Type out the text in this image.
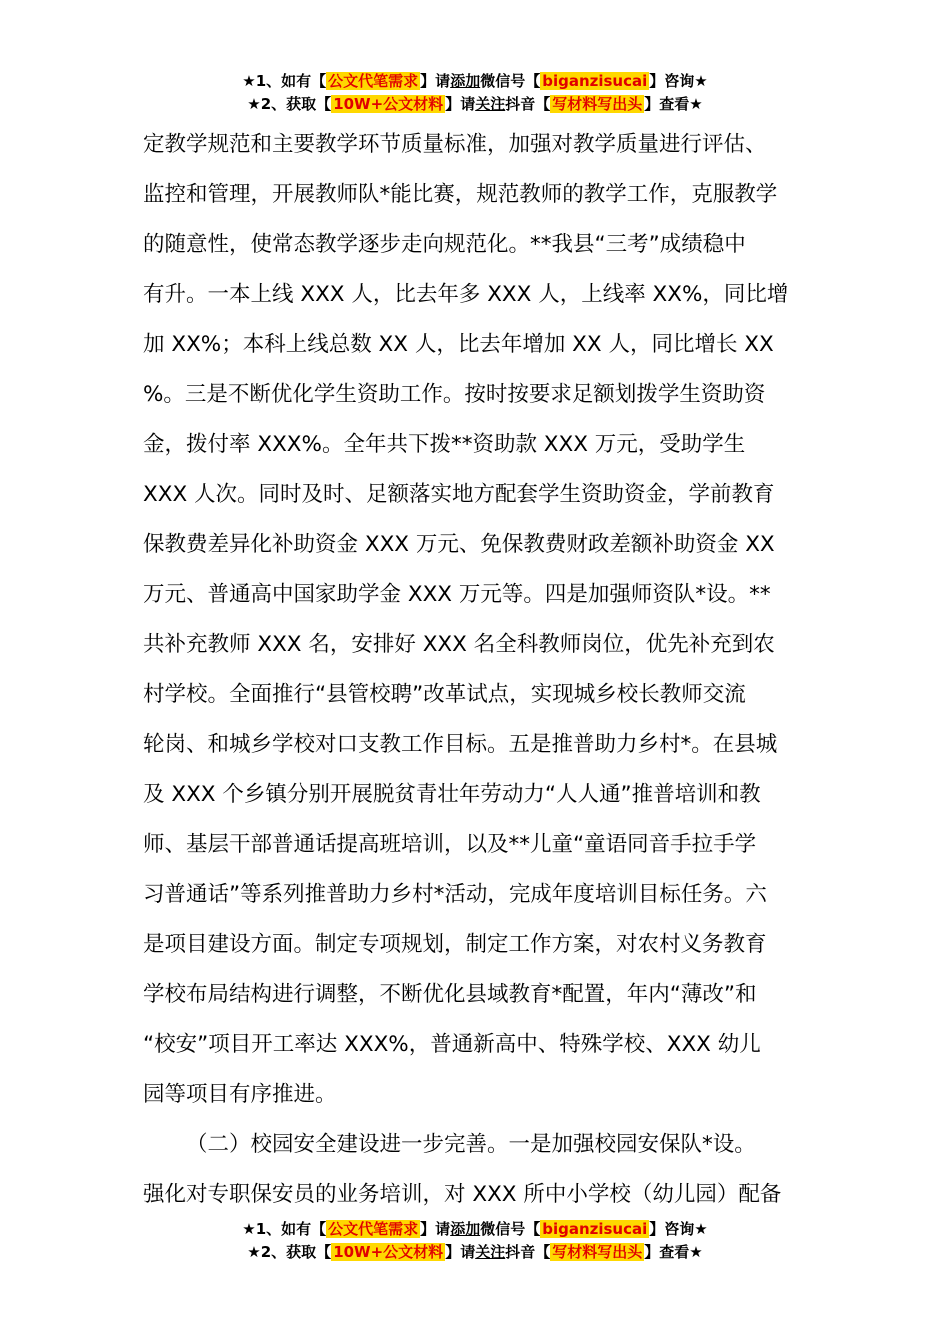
★1、如有【 公文代笔需求 】请添加微信号【 biganzisucai 】咨询★
★2、获取【 10W+公文材料 】请关注抖音【 写材料写出头 】查看★

定教学规范和主要教学环节质量标准，加强对教学质量进行评估、
监控和管理，开展教师队*能比赛，规范教师的教学工作，克服教学
的随意性，使常态教学逐步走向规范化。**我县“三考”成绩稳中
有升。一本上线 XXX 人，比去年多 XXX 人，上线率 XX%，同比增
加 XX%；本科上线总数 XX 人，比去年增加 XX 人，同比增长 XX
%。三是不断优化学生资助工作。按时按要求足额划拨学生资助资
金，拨付率 XXX%。全年共下拨**资助款 XXX 万元，受助学生
XXX 人次。同时及时、足额落实地方配套学生资助资金，学前教育
保教费差异化补助资金 XXX 万元、免保教费财政差额补助资金 XX
万元、普通高中国家助学金 XXX 万元等。四是加强师资队*设。**
共补充教师 XXX 名，安排好 XXX 名全科教师岗位，优先补充到农
村学校。全面推行“县管校聘”改革试点，实现城乡校长教师交流
轮岗、和城乡学校对口支教工作目标。五是推普助力乡村*。在县城
及 XXX 个乡镇分别开展脱贫青壮年劳动力“人人通”推普培训和教
师、基层干部普通话提高班培训，以及**儿童“童语同音手拉手学
习普通话”等系列推普助力乡村*活动，完成年度培训目标任务。六
是项目建设方面。制定专项规划，制定工作方案，对农村义务教育
学校布局结构进行调整，不断优化县域教育*配置，年内“薄改”和
“校安”项目开工率达 XXX%，普通新高中、特殊学校、XXX 幼儿
园等项目有序推进。

（二）校园安全建设进一步完善。一是加强校园安保队*设。
强化对专职保安员的业务培训，对 XXX 所中小学校（幼儿园）配备

★1、如有【 公文代笔需求 】请添加微信号【 biganzisucai 】咨询★
★2、获取【 10W+公文材料 】请关注抖音【 写材料写出头 】查看★
